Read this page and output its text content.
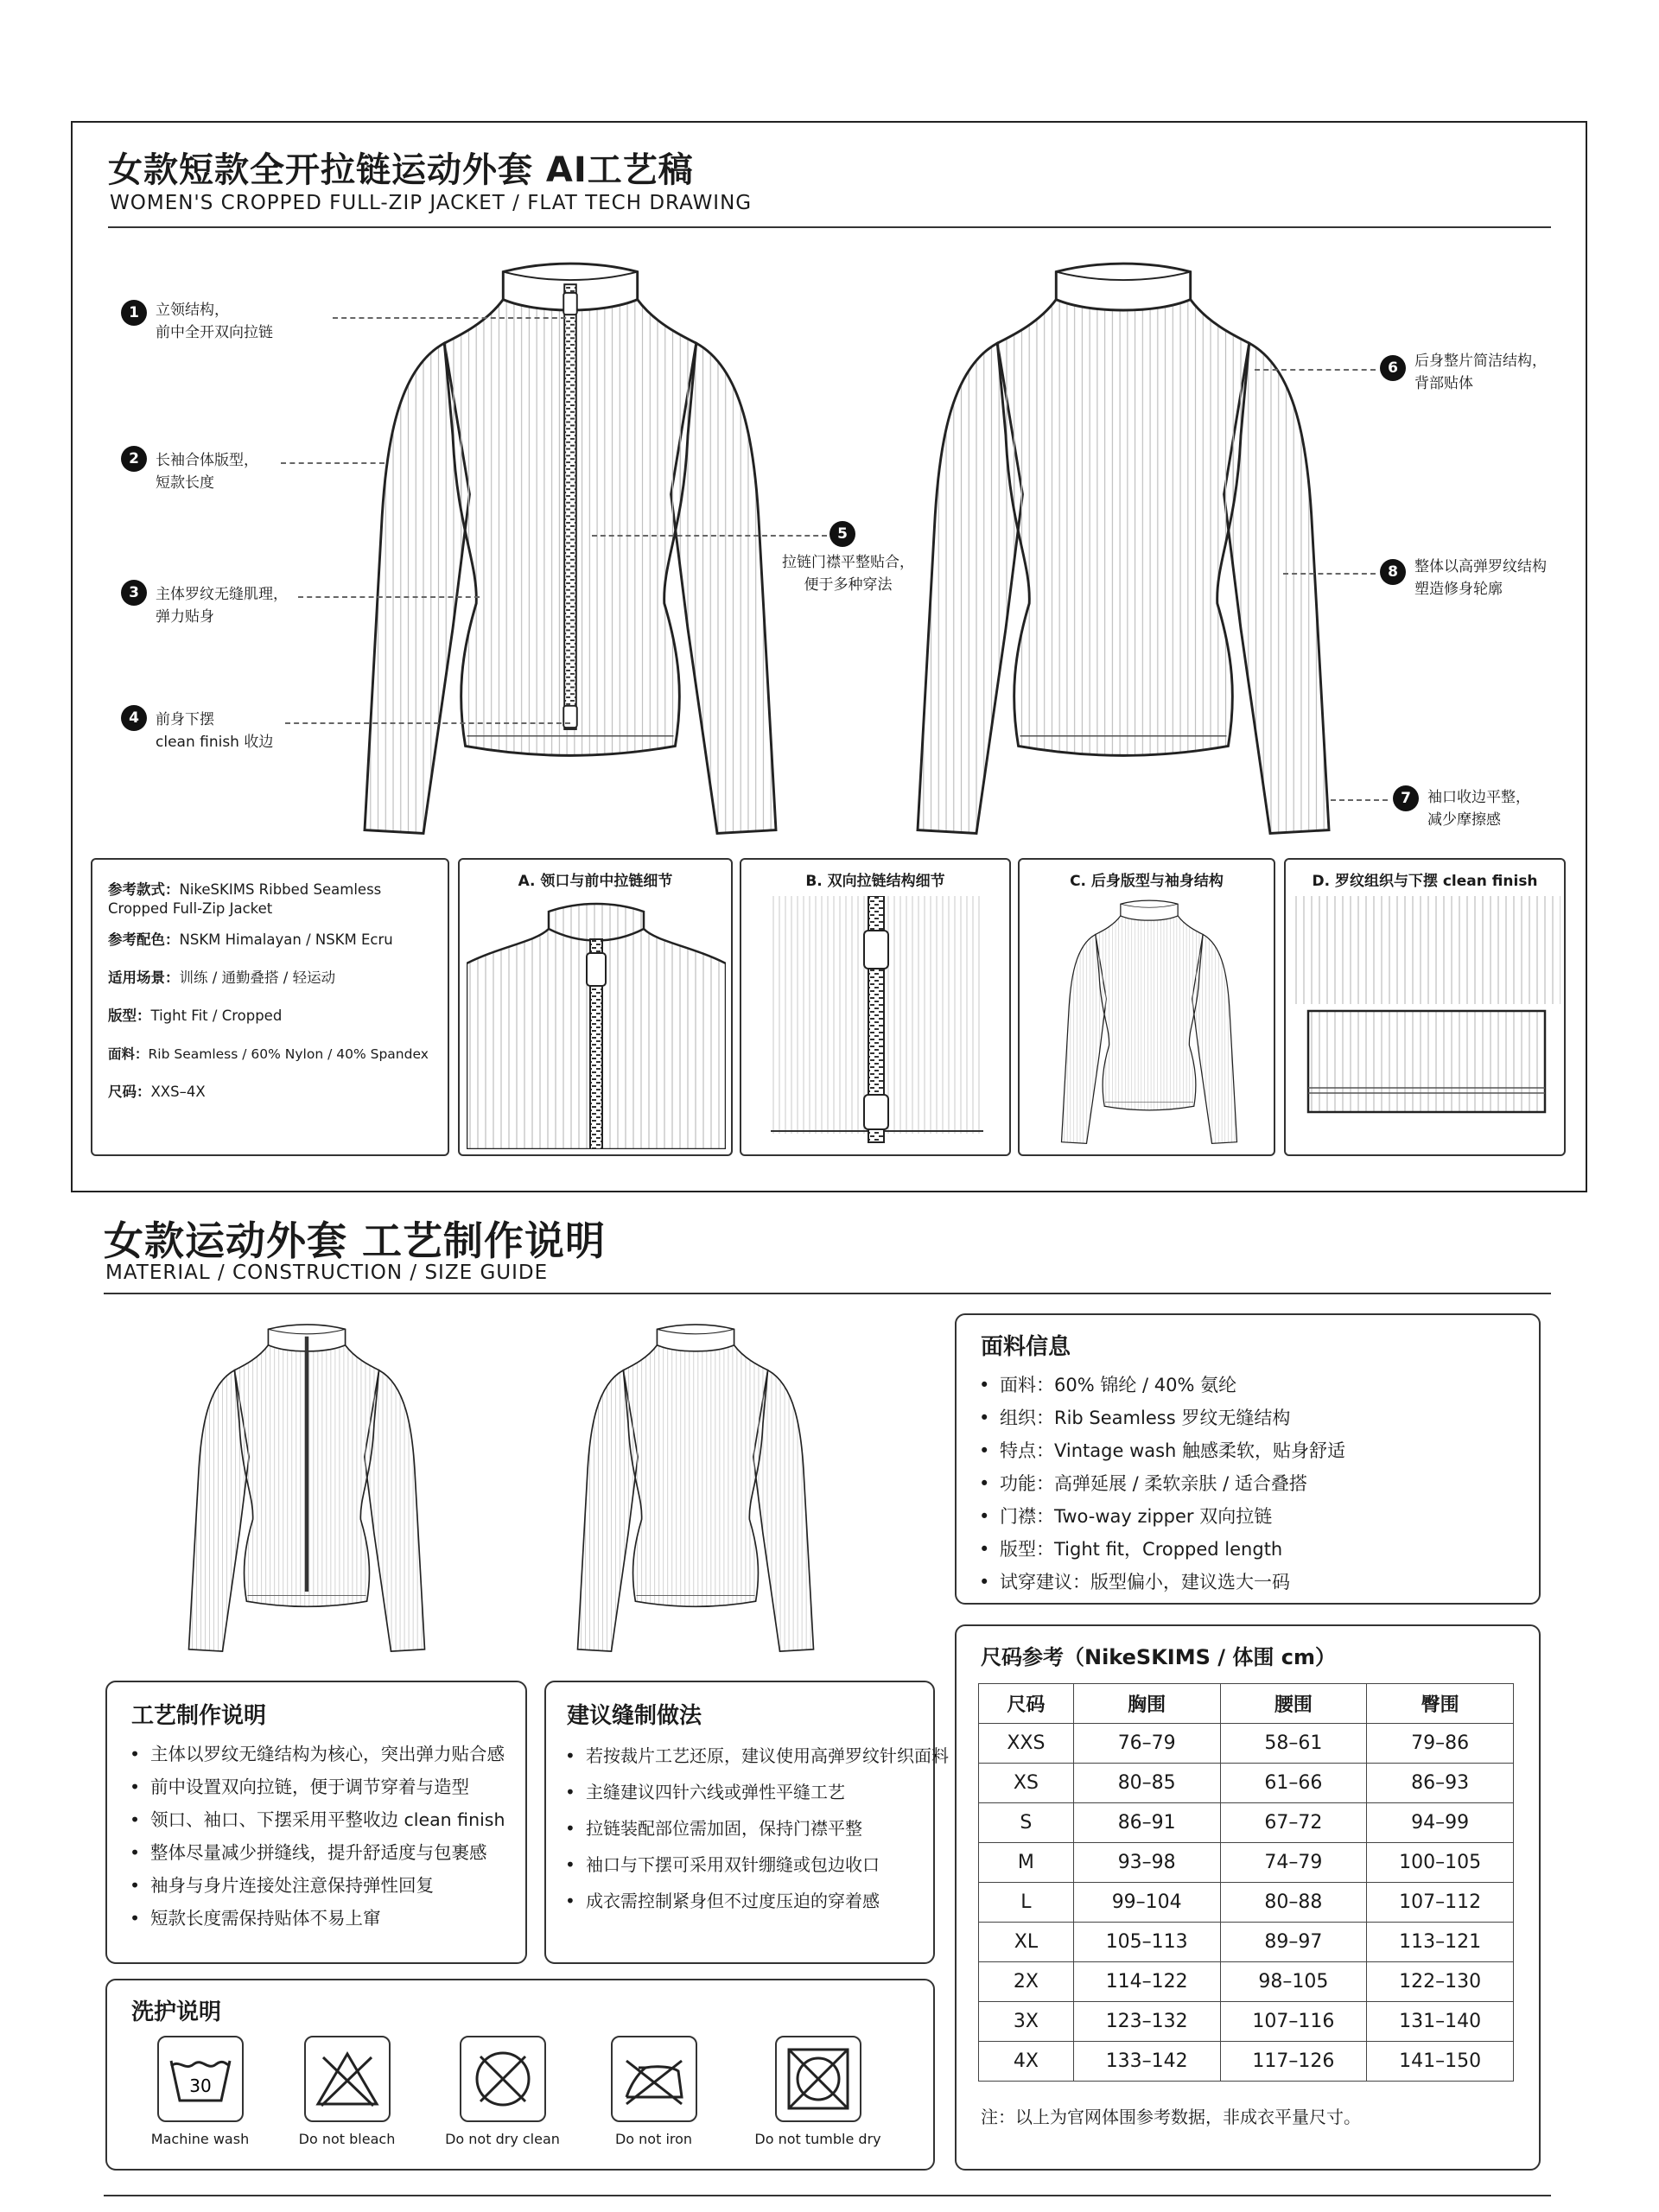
女款短款全开拉链运动外套 AI工艺稿
WOMEN'S CROPPED FULL-ZIP JACKET / FLAT TECH DRAWING
1	立领结构，
前中全开双向拉链
2	长袖合体版型，
短款长度
3	主体罗纹无缝肌理，
弹力贴身
4	前身下摆
clean finish 收边
5
拉链门襟平整贴合，
便于多种穿法
6	后身整片简洁结构，
背部贴体
8	整体以高弹罗纹结构
塑造修身轮廓
7	袖口收边平整，
减少摩擦感
参考款式：NikeSKIMS Ribbed Seamless Cropped Full-Zip Jacket
参考配色：NSKM Himalayan / NSKM Ecru
适用场景：训练 / 通勤叠搭 / 轻运动
版型：Tight Fit / Cropped
面料：Rib Seamless / 60% Nylon / 40% Spandex
尺码：XXS–4X
A. 领口与前中拉链细节	B. 双向拉链结构细节	C. 后身版型与袖身结构	D. 罗纹组织与下摆 clean finish
女款运动外套 工艺制作说明
MATERIAL / CONSTRUCTION / SIZE GUIDE
面料信息
• 面料：60% 锦纶 / 40% 氨纶
• 组织：Rib Seamless 罗纹无缝结构
• 特点：Vintage wash 触感柔软，贴身舒适
• 功能：高弹延展 / 柔软亲肤 / 适合叠搭
• 门襟：Two-way zipper 双向拉链
• 版型：Tight fit，Cropped length
• 试穿建议：版型偏小，建议选大一码
工艺制作说明
• 主体以罗纹无缝结构为核心，突出弹力贴合感
• 前中设置双向拉链，便于调节穿着与造型
• 领口、袖口、下摆采用平整收边 clean finish
• 整体尽量减少拼缝线，提升舒适度与包裹感
• 袖身与身片连接处注意保持弹性回复
• 短款长度需保持贴体不易上窜
建议缝制做法
• 若按裁片工艺还原，建议使用高弹罗纹针织面料
• 主缝建议四针六线或弹性平缝工艺
• 拉链装配部位需加固，保持门襟平整
• 袖口与下摆可采用双针绷缝或包边收口
• 成衣需控制紧身但不过度压迫的穿着感
洗护说明
30
Machine wash	Do not bleach	Do not dry clean	Do not iron	Do not tumble dry
尺码参考（NikeSKIMS / 体围 cm）
尺码	胸围	腰围	臀围
XXS	76–79	58–61	79–86
XS	80–85	61–66	86–93
S	86–91	67–72	94–99
M	93–98	74–79	100–105
L	99–104	80–88	107–112
XL	105–113	89–97	113–121
2X	114–122	98–105	122–130
3X	123–132	107–116	131–140
4X	133–142	117–126	141–150
注：以上为官网体围参考数据，非成衣平量尺寸。
